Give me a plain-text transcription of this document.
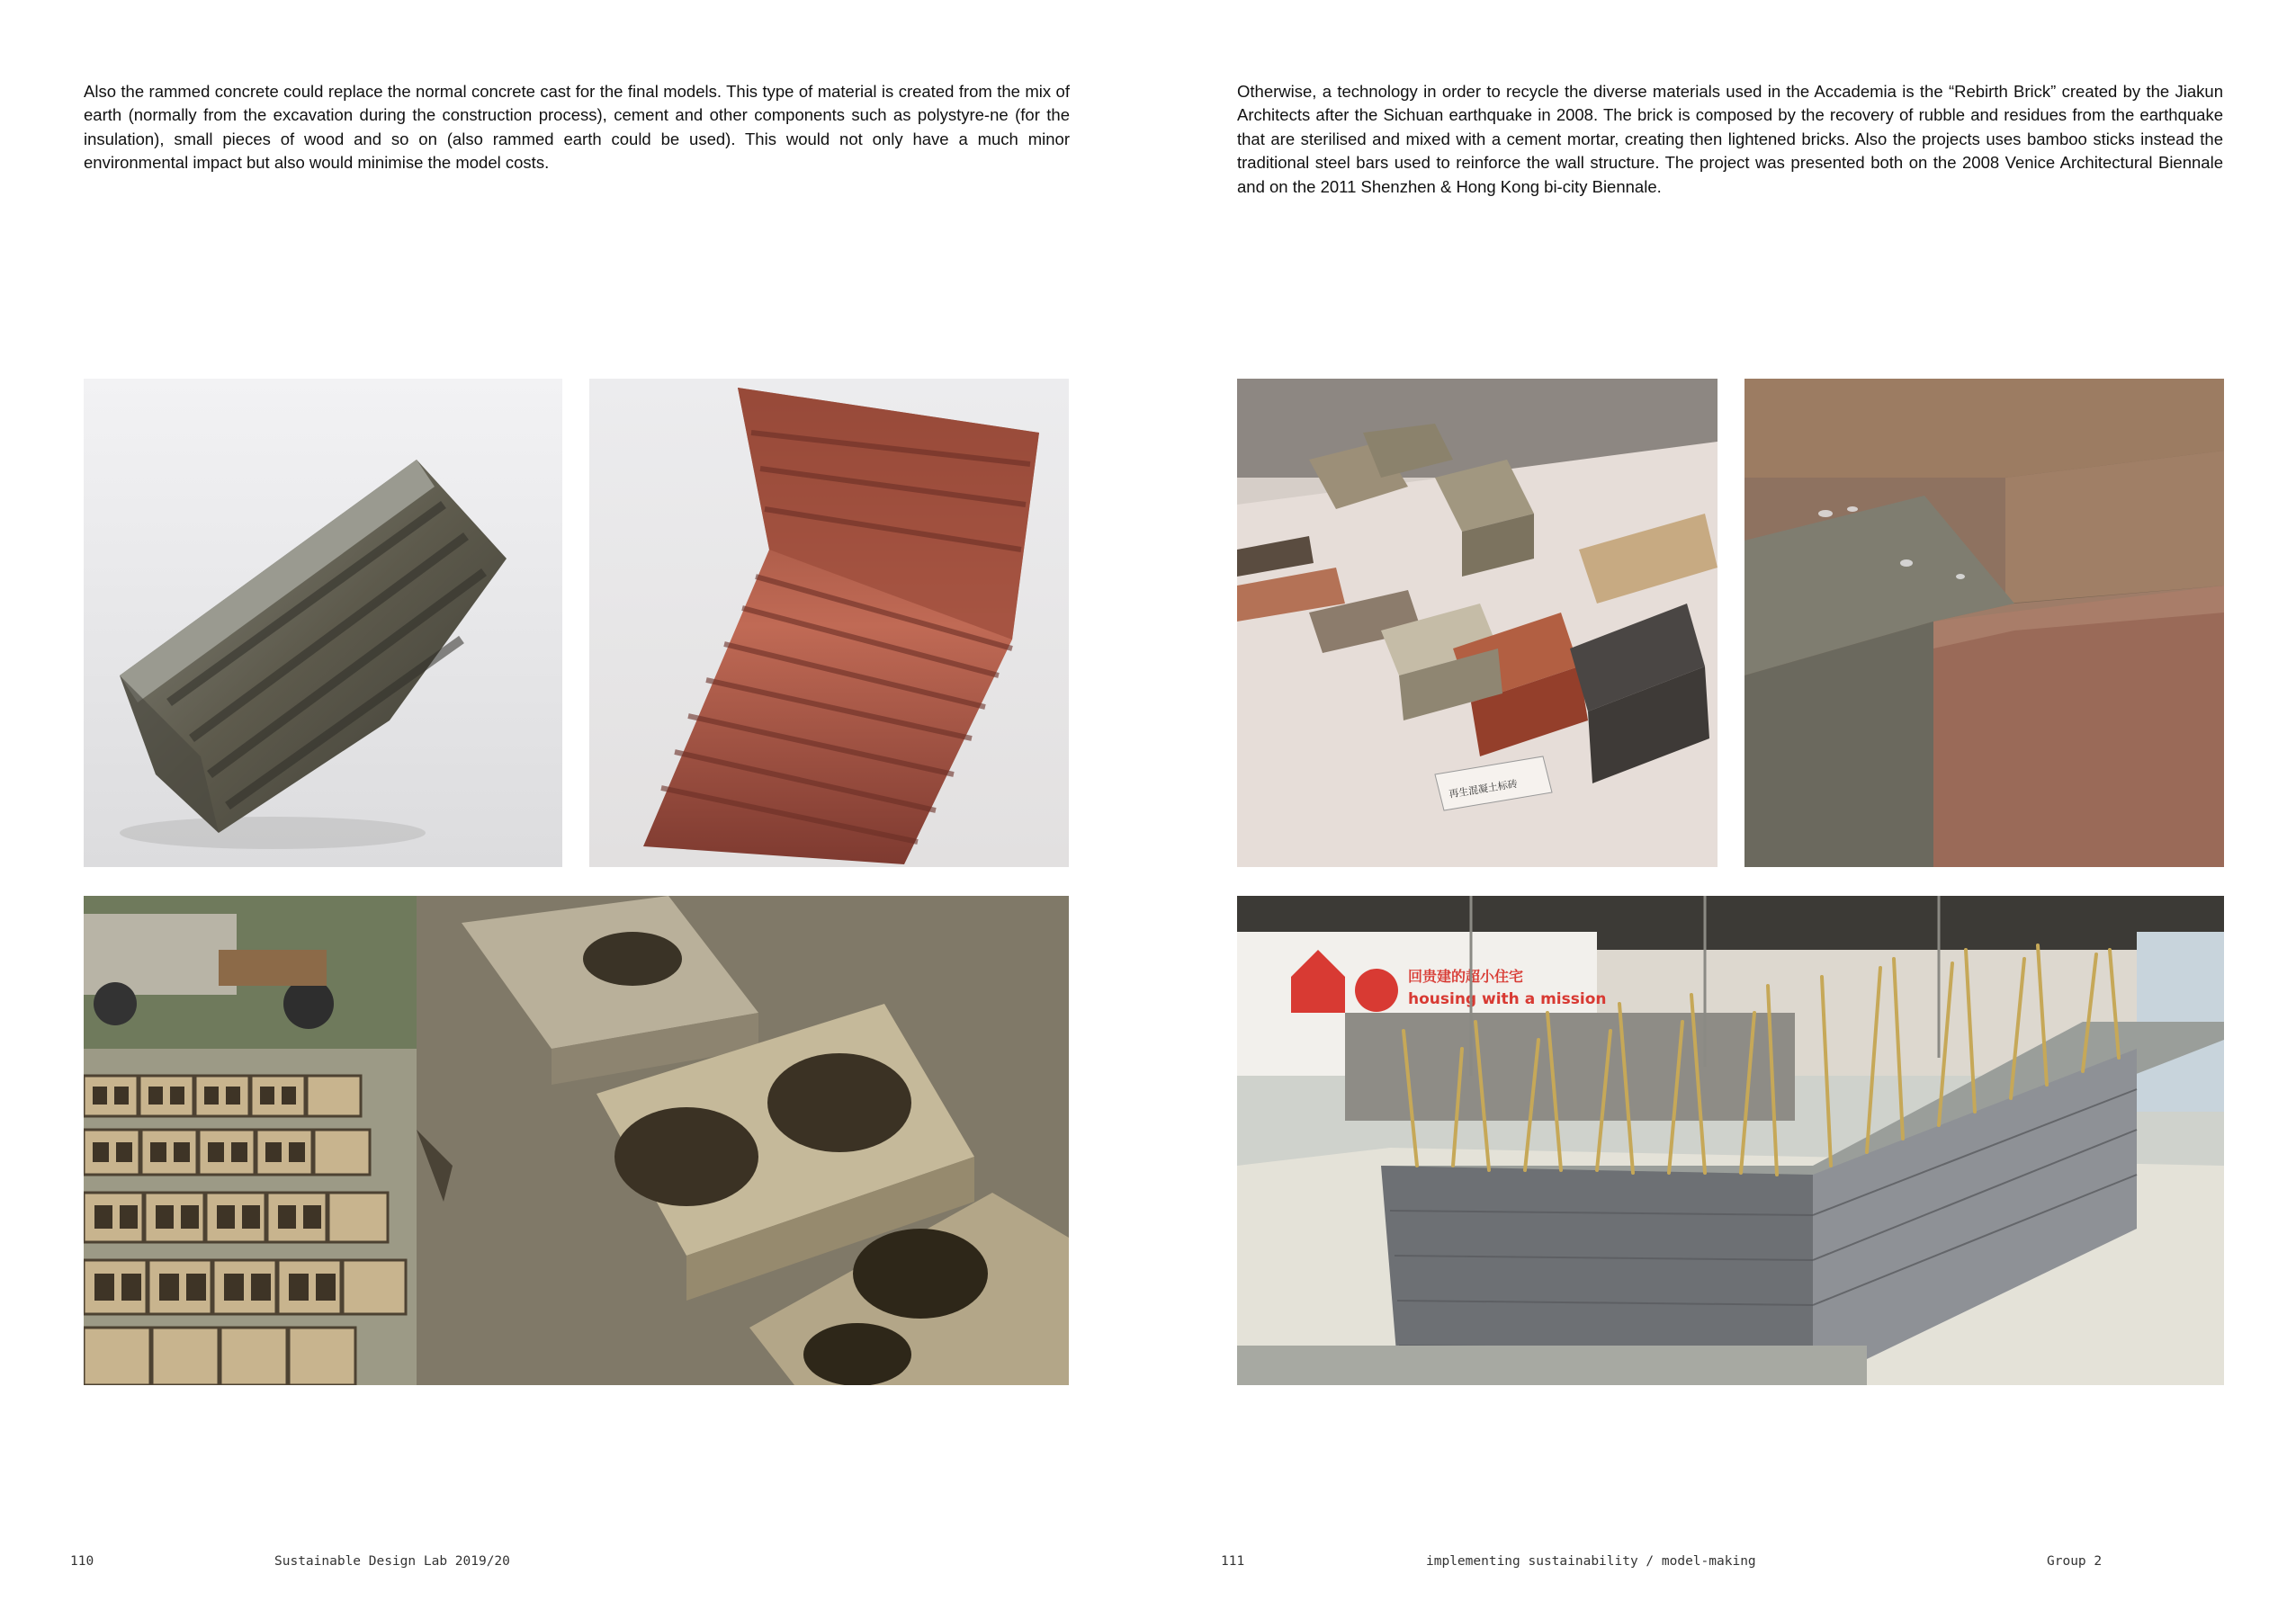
Also the rammed concrete could replace the normal concrete cast for the final models. This type of material is created from the mix of earth (normally from the excavation during the construction process), cement and other components such as polystyre-ne (for the insulation), small pieces of wood and so on (also rammed earth could be used). This would not only have a much minor environmental impact but also would minimise the model costs.

Otherwise, a technology in order to recycle the diverse materials used in the Accademia is the “Rebirth Brick” created by the Jiakun Architects after the Sichuan earthquake in 2008. The brick is composed by the recovery of rubble and residues from the earthquake that are sterilised and mixed with a cement mortar, creating then lightened bricks. Also the projects uses bamboo sticks instead the traditional steel bars used to reinforce the wall structure. The project was presented both on the 2008 Venice Architectural Biennale and on the 2011 Shenzhen & Hong Kong bi-city Biennale.

再生混凝土标砖
回贵建的超小住宅
housing with a mission
110	Sustainable Design Lab 2019/20	111	implementing sustainability / model-making	Group 2
